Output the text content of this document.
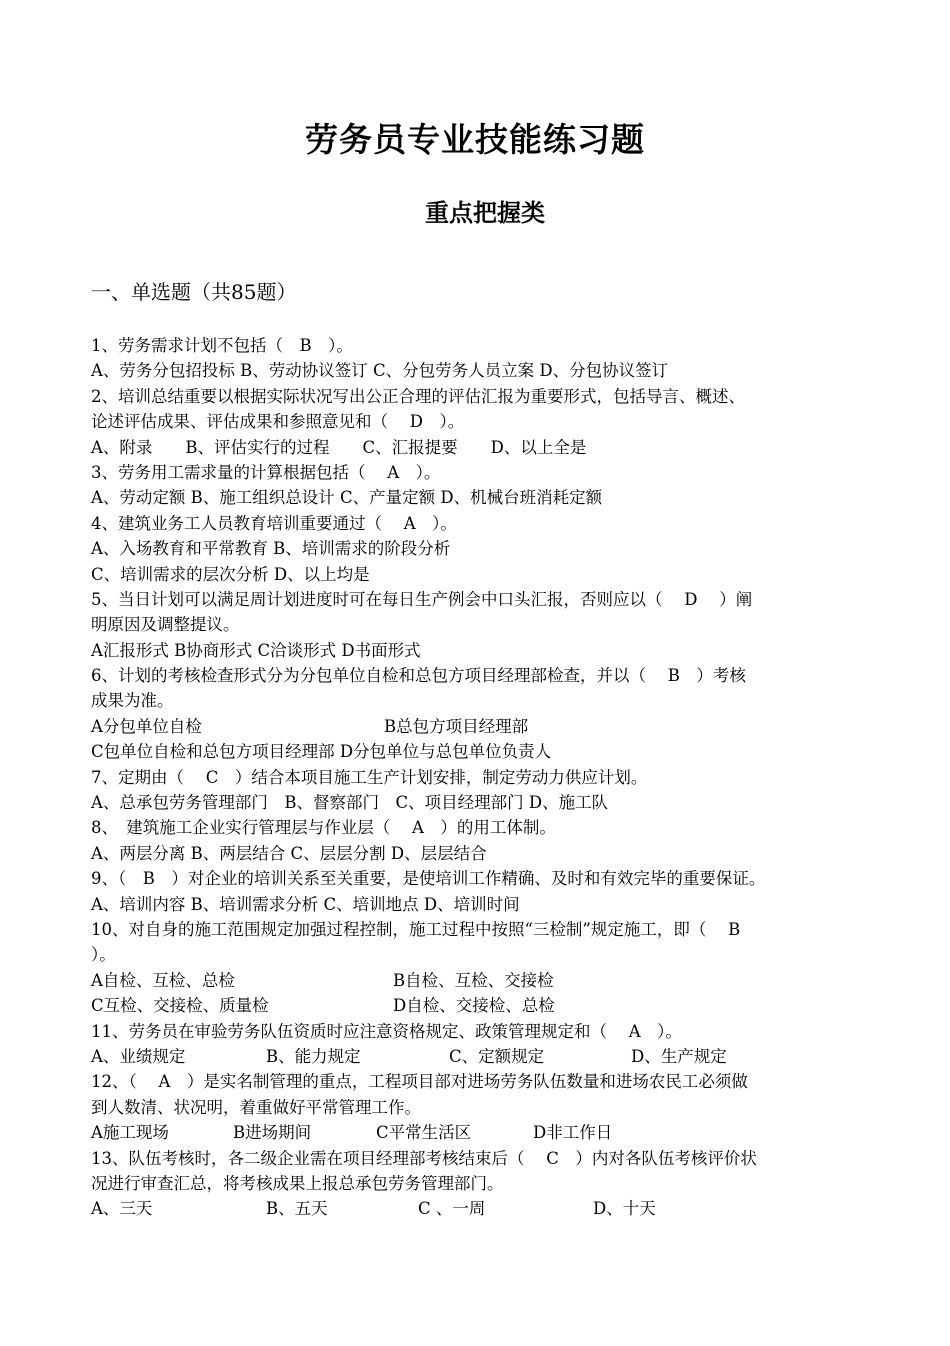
劳务员专业技能练习题
重点把握类
一、单选题（共85题）
1、劳务需求计划不包括（　B　）。
A、劳务分包招投标 B、劳动协议签订 C、分包劳务人员立案 D、分包协议签订
2、培训总结重要以根据实际状况写出公正合理的评估汇报为重要形式，包括导言、概述、
论述评估成果、评估成果和参照意见和（　 D　）。
A、附录　　B、评估实行的过程　　C、汇报提要　　D、以上全是
3、劳务用工需求量的计算根据包括（　 A　）。
A、劳动定额 B、施工组织总设计 C、产量定额 D、机械台班消耗定额
4、建筑业务工人员教育培训重要通过（　 A　）。
A、入场教育和平常教育 B、培训需求的阶段分析
C、培训需求的层次分析 D、以上均是
5、当日计划可以满足周计划进度时可在每日生产例会中口头汇报，否则应以（　 D　 ）阐
明原因及调整提议。
A汇报形式 B协商形式 C洽谈形式 D书面形式
6、计划的考核检查形式分为分包单位自检和总包方项目经理部检查，并以（　 B　）考核
成果为准。
A分包单位自检	B总包方项目经理部
C包单位自检和总包方项目经理部 D分包单位与总包单位负责人
7、定期由（　 C　）结合本项目施工生产计划安排，制定劳动力供应计划。
A、总承包劳务管理部门　B、督察部门　C、项目经理部门 D、施工队
8、　建筑施工企业实行管理层与作业层（　 A　）的用工体制。
A、两层分离 B、两层结合 C、层层分割 D、层层结合
9、（　B　）对企业的培训关系至关重要，是使培训工作精确、及时和有效完毕的重要保证。
A、培训内容 B、培训需求分析 C、培训地点 D、培训时间
10、对自身的施工范围规定加强过程控制，施工过程中按照“三检制”规定施工，即（　 B
）。
A自检、互检、总检	B自检、互检、交接检
C互检、交接检、质量检	D自检、交接检、总检
11、劳务员在审验劳务队伍资质时应注意资格规定、政策管理规定和（　 A　）。
A、业绩规定	B、能力规定	C、定额规定	D、生产规定
12、（　 A　）是实名制管理的重点，工程项目部对进场劳务队伍数量和进场农民工必须做
到人数清、状况明，着重做好平常管理工作。
A施工现场	B进场期间	C平常生活区	D非工作日
13、队伍考核时，各二级企业需在项目经理部考核结束后（　 C　）内对各队伍考核评价状
况进行审查汇总，将考核成果上报总承包劳务管理部门。
A、三天	B、五天	C 、一周	D、十天
